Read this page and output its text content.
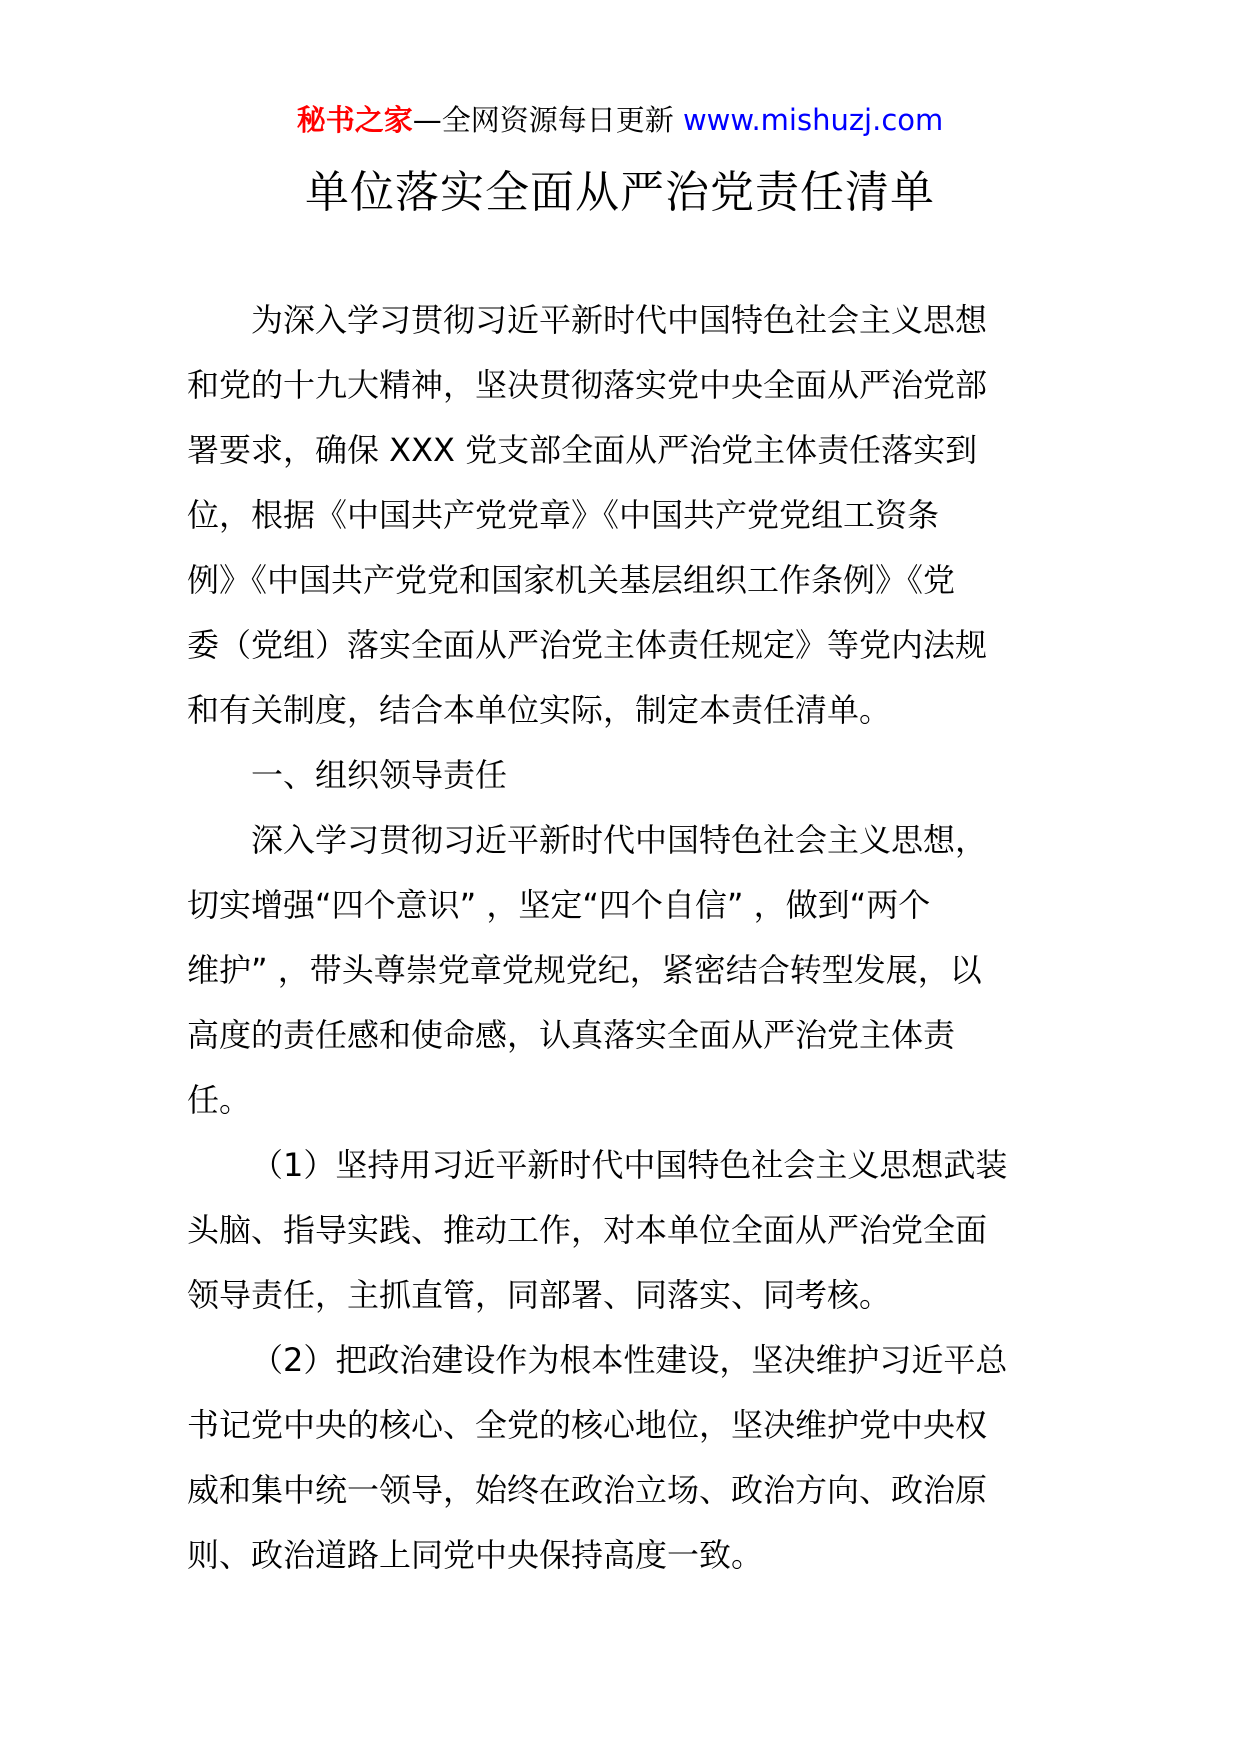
秘书之家—全网资源每日更新 www.mishuzj.com
单位落实全面从严治党责任清单
为深入学习贯彻习近平新时代中国特色社会主义思想
和党的十九大精神，坚决贯彻落实党中央全面从严治党部
署要求，确保 XXX 党支部全面从严治党主体责任落实到
位，根据《中国共产党党章》《中国共产党党组工资条
例》《中国共产党党和国家机关基层组织工作条例》《党
委（党组）落实全面从严治党主体责任规定》等党内法规
和有关制度，结合本单位实际，制定本责任清单。
一、组织领导责任
深入学习贯彻习近平新时代中国特色社会主义思想，
切实增强“四个意识” ，坚定“四个自信” ，做到“两个
维护” ，带头尊崇党章党规党纪，紧密结合转型发展，以
高度的责任感和使命感，认真落实全面从严治党主体责
任。
（1）坚持用习近平新时代中国特色社会主义思想武装
头脑、指导实践、推动工作，对本单位全面从严治党全面
领导责任，主抓直管，同部署、同落实、同考核。
（2）把政治建设作为根本性建设，坚决维护习近平总
书记党中央的核心、全党的核心地位，坚决维护党中央权
威和集中统一领导，始终在政治立场、政治方向、政治原
则、政治道路上同党中央保持高度一致。
